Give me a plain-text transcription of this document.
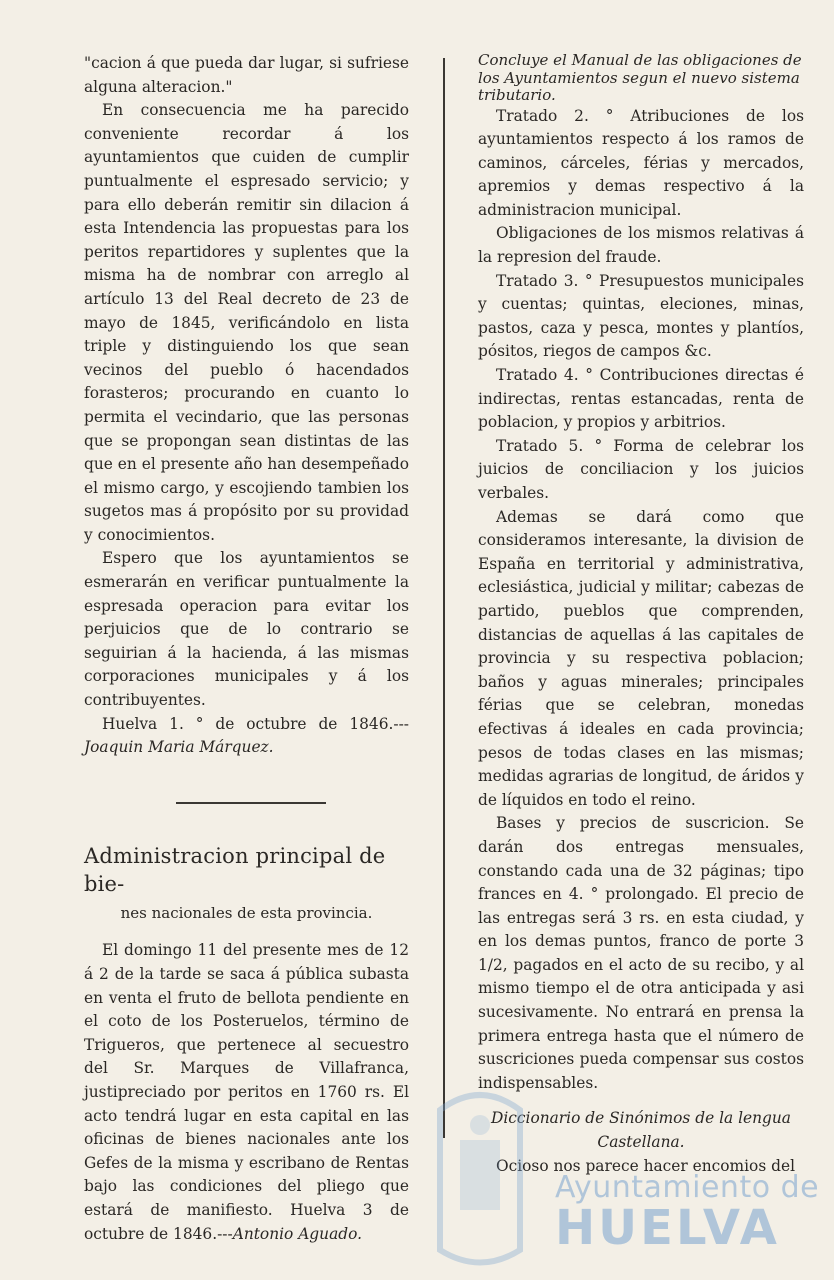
"cacion á que pueda dar lugar, si sufriese alguna alteracion."

En consecuencia me ha parecido conveniente recordar á los ayuntamientos que cuiden de cumplir puntualmente el espresado servicio; y para ello deberán remitir sin dilacion á esta Intendencia las propuestas para los peritos repartidores y suplentes que la misma ha de nombrar con arreglo al artículo 13 del Real decreto de 23 de mayo de 1845, verificándolo en lista triple y distinguiendo los que sean vecinos del pueblo ó hacendados forasteros; procurando en cuanto lo permita el vecindario, que las personas que se propongan sean distintas de las que en el presente año han desempeñado el mismo cargo, y escojiendo tambien los sugetos mas á propósito por su providad y conocimientos.

Espero que los ayuntamientos se esmerarán en verificar puntualmente la espresada operacion para evitar los perjuicios que de lo contrario se seguirian á la hacienda, á las mismas corporaciones municipales y á los contribuyentes.

Huelva 1. ° de octubre de 1846.---Joaquin Maria Márquez.

Administracion principal de bie-
nes nacionales de esta provincia.

El domingo 11 del presente mes de 12 á 2 de la tarde se saca á pública subasta en venta el fruto de bellota pendiente en el coto de los Posteruelos, término de Trigueros, que pertenece al secuestro del Sr. Marques de Villafranca, justipreciado por peritos en 1760 rs. El acto tendrá lugar en esta capital en las oficinas de bienes nacionales ante los Gefes de la misma y escribano de Rentas bajo las condiciones del pliego que estará de manifiesto. Huelva 3 de octubre de 1846.---Antonio Aguado.

Concluye el Manual de las obligaciones de los Ayuntamientos segun el nuevo sistema tributario.

Tratado 2. ° Atribuciones de los ayuntamientos respecto á los ramos de caminos, cárceles, férias y mercados, apremios y demas respectivo á la administracion municipal.

Obligaciones de los mismos relativas á la represion del fraude.

Tratado 3. ° Presupuestos municipales y cuentas; quintas, eleciones, minas, pastos, caza y pesca, montes y plantíos, pósitos, riegos de campos &c.

Tratado 4. ° Contribuciones directas é indirectas, rentas estancadas, renta de poblacion, y propios y arbitrios.

Tratado 5. ° Forma de celebrar los juicios de conciliacion y los juicios verbales.

Ademas se dará como que consideramos interesante, la division de España en territorial y administrativa, eclesiástica, judicial y militar; cabezas de partido, pueblos que comprenden, distancias de aquellas á las capitales de provincia y su respectiva poblacion; baños y aguas minerales; principales férias que se celebran, monedas efectivas á ideales en cada provincia; pesos de todas clases en las mismas; medidas agrarias de longitud, de áridos y de líquidos en todo el reino.

Bases y precios de suscricion. Se darán dos entregas mensuales, constando cada una de 32 páginas; tipo frances en 4. ° prolongado. El precio de las entregas será 3 rs. en esta ciudad, y en los demas puntos, franco de porte 3 1/2, pagados en el acto de su recibo, y al mismo tiempo el de otra anticipada y asi sucesivamente. No entrará en prensa la primera entrega hasta que el número de suscriciones pueda compensar sus costos indispensables.

Diccionario de Sinónimos de la lengua Castellana.

Ocioso nos parece hacer encomios del

Ayuntamiento de
HUELVA
